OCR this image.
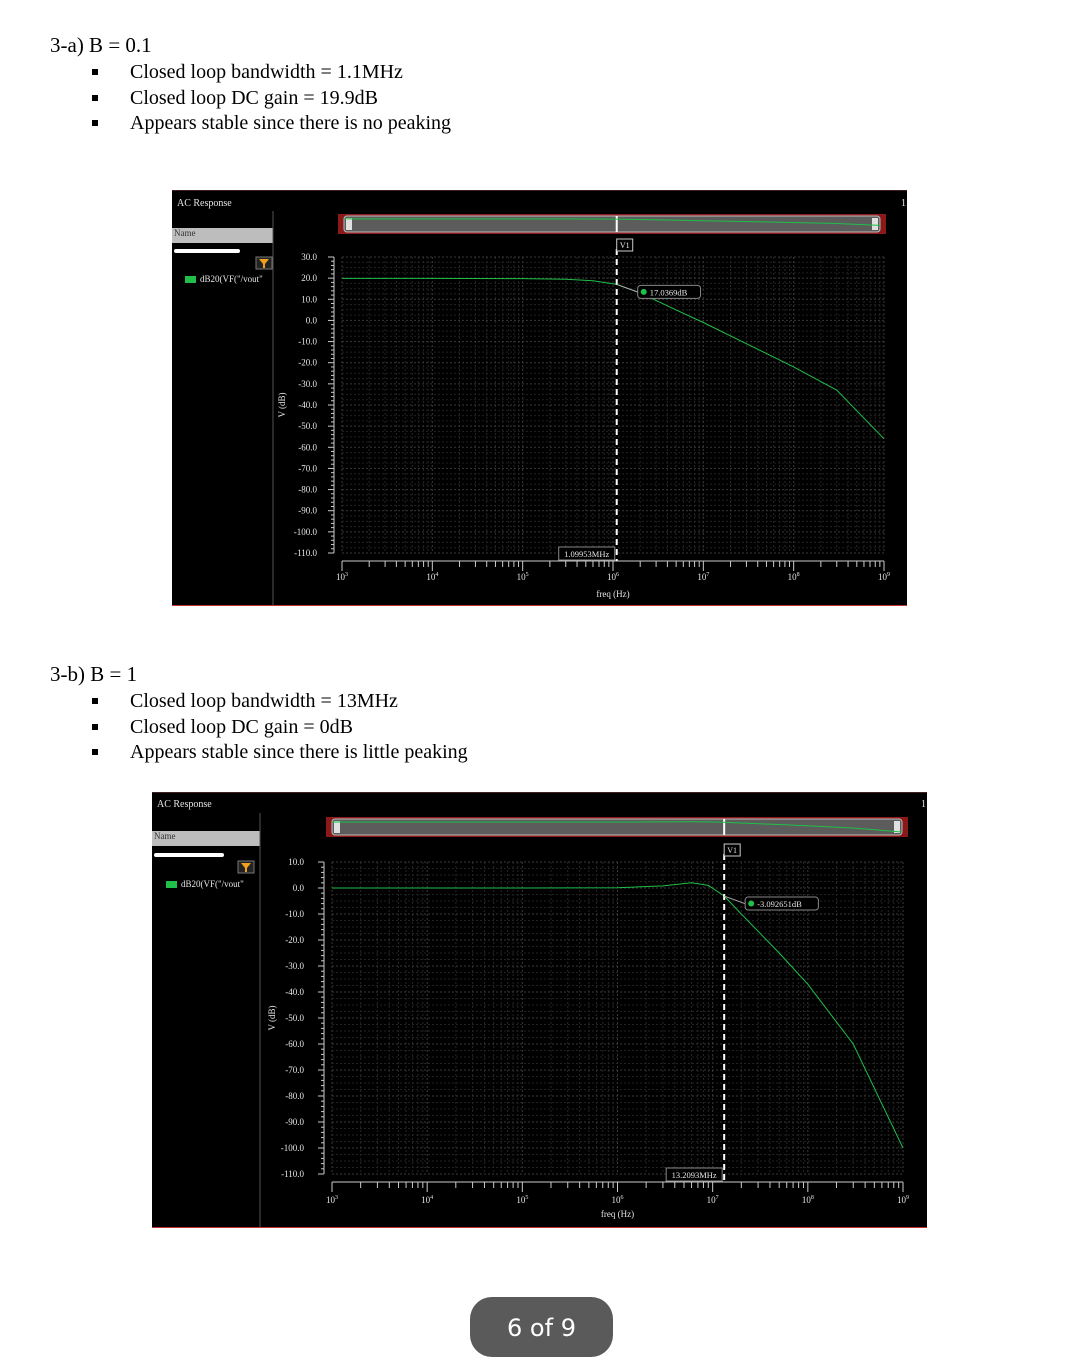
3-a) B = 0.1
Closed loop bandwidth = 1.1MHz
Closed loop DC gain = 19.9dB
Appears stable since there is no peaking
AC Response	1
Name
dB20(VF("/vout"
30.0
20.0
10.0
0.0
-10.0
-20.0
-30.0
-40.0
-50.0
-60.0
-70.0
-80.0
-90.0
-100.0
-110.0
V (dB)
$10^3$	$10^4$	$10^5$	$10^6$	$10^7$	$10^8$	$10^9$
freq (Hz)
V1
17.0369dB
1.09953MHz
3-b) B = 1
Closed loop bandwidth = 13MHz
Closed loop DC gain = 0dB
Appears stable since there is little peaking
AC Response	1
Name
dB20(VF("/vout"
10.0
0.0
-10.0
-20.0
-30.0
-40.0
-50.0
-60.0
-70.0
-80.0
-90.0
-100.0
-110.0
V (dB)
$10^3$	$10^4$	$10^5$	$10^6$	$10^7$	$10^8$	$10^9$
freq (Hz)
V1
-3.092651dB
13.2093MHz
6 of 9
